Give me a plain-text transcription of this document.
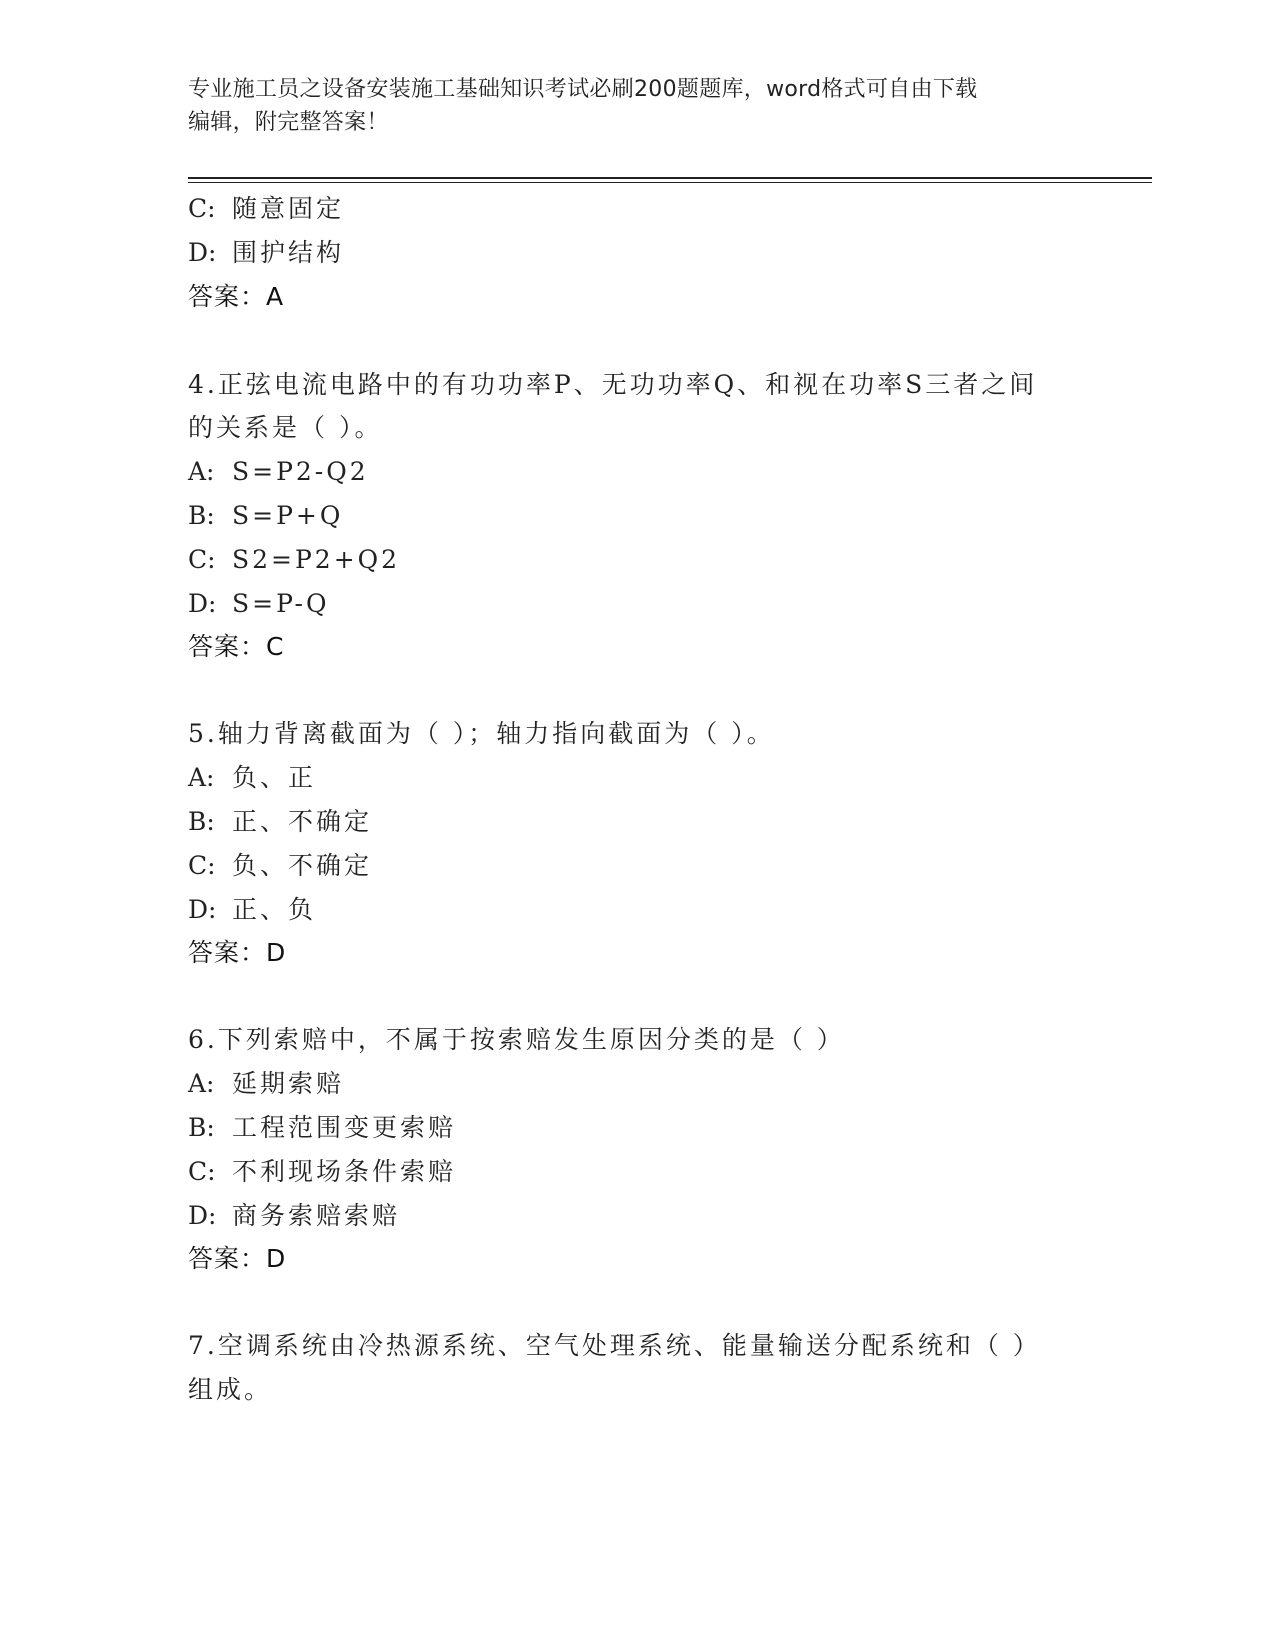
专业施工员之设备安装施工基础知识考试必刷200题题库，word格式可自由下载
编辑，附完整答案！
C: 随意固定
D: 围护结构
答案：A
4.正弦电流电路中的有功功率P、无功功率Q、和视在功率S三者之间
的关系是（ ）。
A: S=P2-Q2
B: S=P+Q
C: S2=P2+Q2
D: S=P-Q
答案：C
5.轴力背离截面为（ ）；轴力指向截面为（ ）。
A: 负、正
B: 正、不确定
C: 负、不确定
D: 正、负
答案：D
6.下列索赔中，不属于按索赔发生原因分类的是（ ）
A: 延期索赔
B: 工程范围变更索赔
C: 不利现场条件索赔
D: 商务索赔索赔
答案：D
7.空调系统由冷热源系统、空气处理系统、能量输送分配系统和（ ）
组成。
